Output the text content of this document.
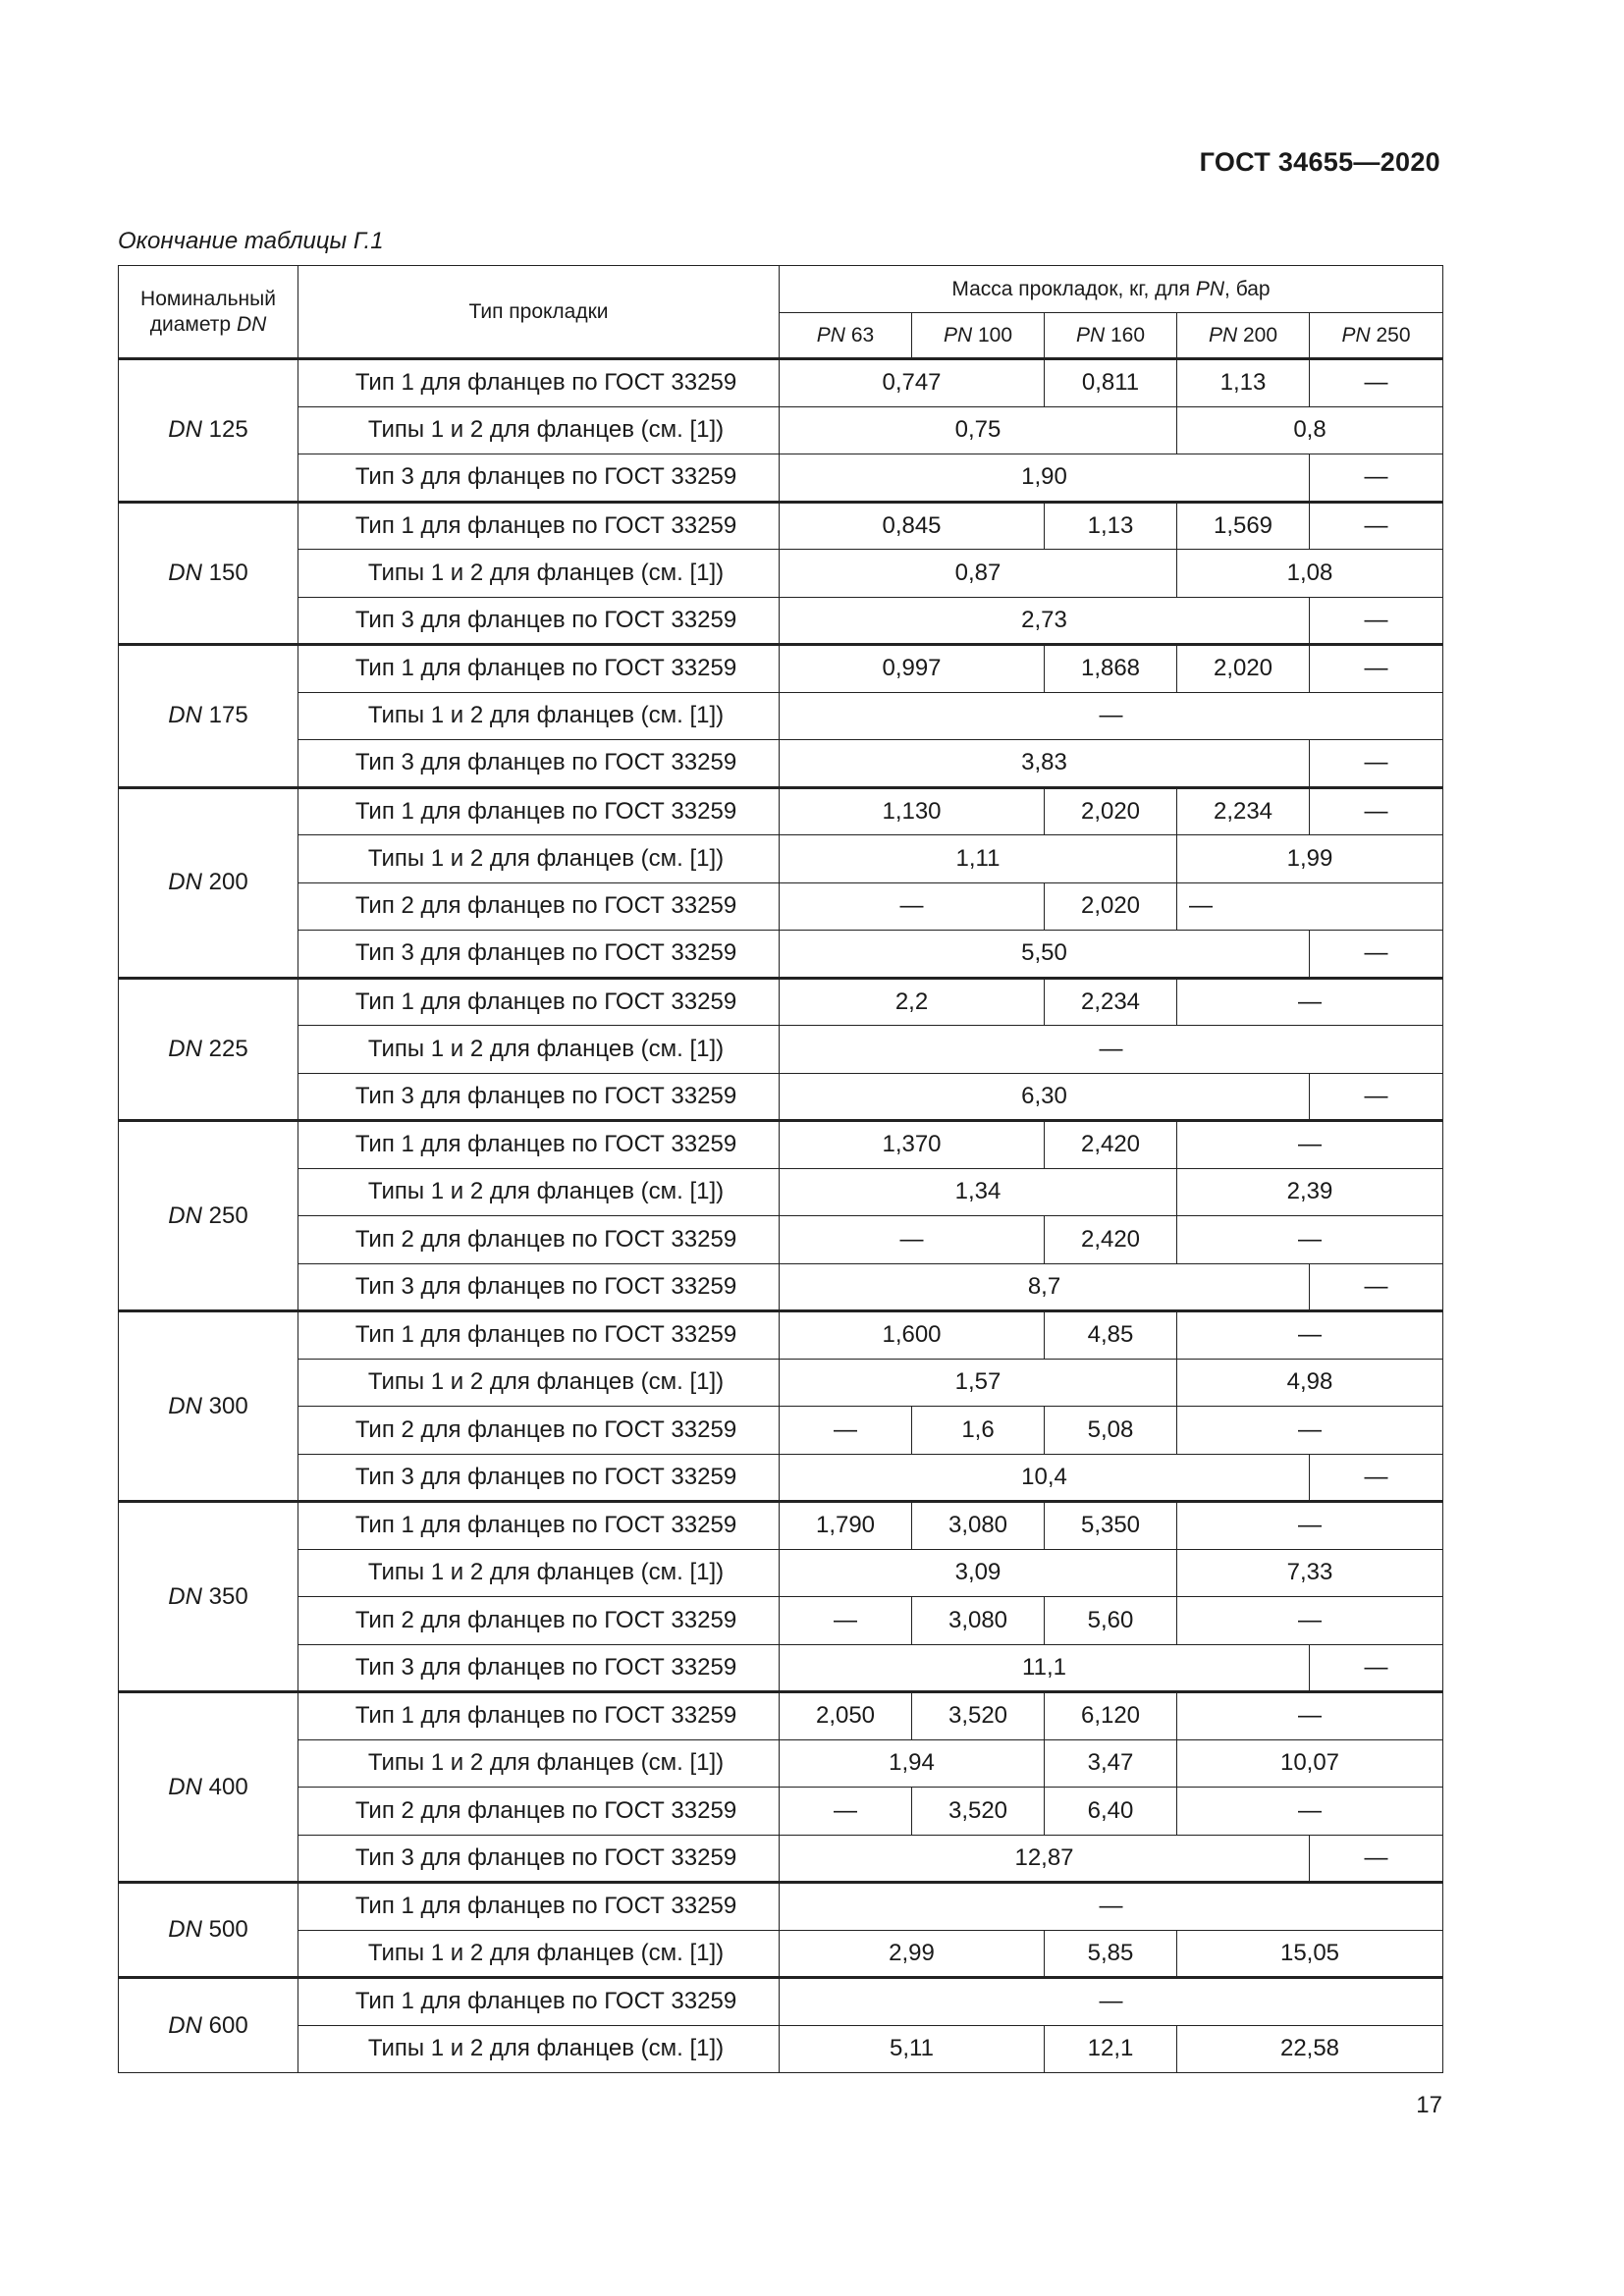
ГОСТ 34655—2020
Окончание таблицы Г.1
Номинальный
диаметр DN	Тип прокладки	Масса прокладок, кг, для PN, бар				
		PN 63	PN 100	PN 160	PN 200	PN 250
DN 125	Тип 1 для фланцев по ГОСТ 33259	0,747		0,811	1,13	—
	Типы 1 и 2 для фланцев (см. [1])	0,75			0,8	
	Тип 3 для фланцев по ГОСТ 33259	1,90				—
DN 150	Тип 1 для фланцев по ГОСТ 33259	0,845		1,13	1,569	—
	Типы 1 и 2 для фланцев (см. [1])	0,87			1,08	
	Тип 3 для фланцев по ГОСТ 33259	2,73				—
DN 175	Тип 1 для фланцев по ГОСТ 33259	0,997		1,868	2,020	—
	Типы 1 и 2 для фланцев (см. [1])	—				
	Тип 3 для фланцев по ГОСТ 33259	3,83				—
DN 200	Тип 1 для фланцев по ГОСТ 33259	1,130		2,020	2,234	—
	Типы 1 и 2 для фланцев (см. [1])	1,11			1,99	
	Тип 2 для фланцев по ГОСТ 33259	—		2,020	—	
	Тип 3 для фланцев по ГОСТ 33259	5,50				—
DN 225	Тип 1 для фланцев по ГОСТ 33259	2,2		2,234	—	
	Типы 1 и 2 для фланцев (см. [1])	—				
	Тип 3 для фланцев по ГОСТ 33259	6,30				—
DN 250	Тип 1 для фланцев по ГОСТ 33259	1,370		2,420	—	
	Типы 1 и 2 для фланцев (см. [1])	1,34			2,39	
	Тип 2 для фланцев по ГОСТ 33259	—		2,420	—	
	Тип 3 для фланцев по ГОСТ 33259	8,7				—
DN 300	Тип 1 для фланцев по ГОСТ 33259	1,600		4,85	—	
	Типы 1 и 2 для фланцев (см. [1])	1,57			4,98	
	Тип 2 для фланцев по ГОСТ 33259	—	1,6	5,08	—	
	Тип 3 для фланцев по ГОСТ 33259	10,4				—
DN 350	Тип 1 для фланцев по ГОСТ 33259	1,790	3,080	5,350	—	
	Типы 1 и 2 для фланцев (см. [1])	3,09			7,33	
	Тип 2 для фланцев по ГОСТ 33259	—	3,080	5,60	—	
	Тип 3 для фланцев по ГОСТ 33259	11,1				—
DN 400	Тип 1 для фланцев по ГОСТ 33259	2,050	3,520	6,120	—	
	Типы 1 и 2 для фланцев (см. [1])	1,94		3,47	10,07	
	Тип 2 для фланцев по ГОСТ 33259	—	3,520	6,40	—	
	Тип 3 для фланцев по ГОСТ 33259	12,87				—
DN 500	Тип 1 для фланцев по ГОСТ 33259	—				
	Типы 1 и 2 для фланцев (см. [1])	2,99		5,85	15,05	
DN 600	Тип 1 для фланцев по ГОСТ 33259	—				
	Типы 1 и 2 для фланцев (см. [1])	5,11		12,1	22,58	
17
